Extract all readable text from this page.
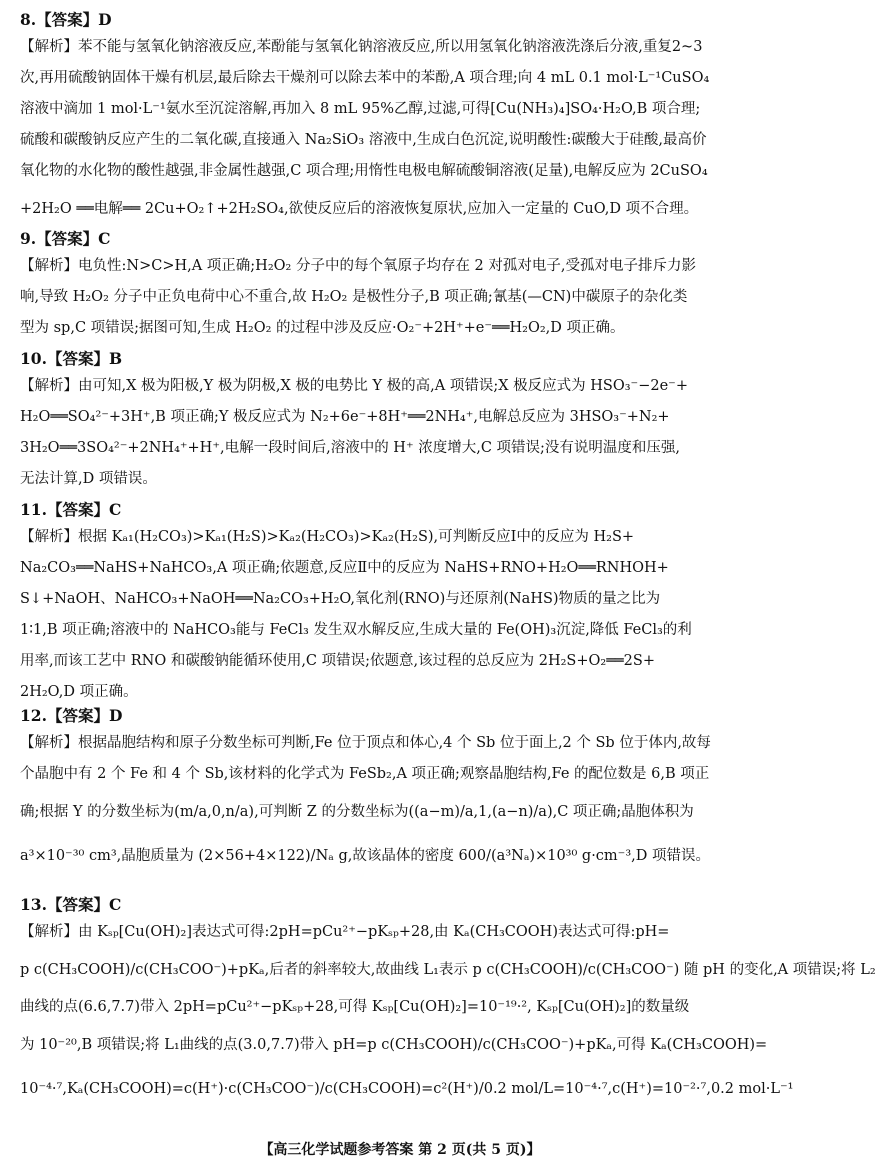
8.【答案】D
【解析】苯不能与氢氧化钠溶液反应,苯酚能与氢氧化钠溶液反应,所以用氢氧化钠溶液洗涤后分液,重复2~3
次,再用硫酸钠固体干燥有机层,最后除去干燥剂可以除去苯中的苯酚,A 项合理;向 4 mL 0.1 mol·L⁻¹CuSO₄
溶液中滴加 1 mol·L⁻¹氨水至沉淀溶解,再加入 8 mL 95%乙醇,过滤,可得[Cu(NH₃)₄]SO₄·H₂O,B 项合理;
硫酸和碳酸钠反应产生的二氧化碳,直接通入 Na₂SiO₃ 溶液中,生成白色沉淀,说明酸性:碳酸大于硅酸,最高价
氧化物的水化物的酸性越强,非金属性越强,C 项合理;用惰性电极电解硫酸铜溶液(足量),电解反应为 2CuSO₄
+2H₂O ══电解══ 2Cu+O₂↑+2H₂SO₄,欲使反应后的溶液恢复原状,应加入一定量的 CuO,D 项不合理。
9.【答案】C
【解析】电负性:N>C>H,A 项正确;H₂O₂ 分子中的每个氧原子均存在 2 对孤对电子,受孤对电子排斥力影
响,导致 H₂O₂ 分子中正负电荷中心不重合,故 H₂O₂ 是极性分子,B 项正确;氰基(—CN)中碳原子的杂化类
型为 sp,C 项错误;据图可知,生成 H₂O₂ 的过程中涉及反应·O₂⁻+2H⁺+e⁻══H₂O₂,D 项正确。
10.【答案】B
【解析】由可知,X 极为阳极,Y 极为阴极,X 极的电势比 Y 极的高,A 项错误;X 极反应式为 HSO₃⁻−2e⁻+
H₂O══SO₄²⁻+3H⁺,B 项正确;Y 极反应式为 N₂+6e⁻+8H⁺══2NH₄⁺,电解总反应为 3HSO₃⁻+N₂+
3H₂O══3SO₄²⁻+2NH₄⁺+H⁺,电解一段时间后,溶液中的 H⁺ 浓度增大,C 项错误;没有说明温度和压强,
无法计算,D 项错误。
11.【答案】C
【解析】根据 Kₐ₁(H₂CO₃)>Kₐ₁(H₂S)>Kₐ₂(H₂CO₃)>Kₐ₂(H₂S),可判断反应Ⅰ中的反应为 H₂S+
Na₂CO₃══NaHS+NaHCO₃,A 项正确;依题意,反应Ⅱ中的反应为 NaHS+RNO+H₂O══RNHOH+
S↓+NaOH、NaHCO₃+NaOH══Na₂CO₃+H₂O,氧化剂(RNO)与还原剂(NaHS)物质的量之比为
1∶1,B 项正确;溶液中的 NaHCO₃能与 FeCl₃ 发生双水解反应,生成大量的 Fe(OH)₃沉淀,降低 FeCl₃的利
用率,而该工艺中 RNO 和碳酸钠能循环使用,C 项错误;依题意,该过程的总反应为 2H₂S+O₂══2S+
2H₂O,D 项正确。
12.【答案】D
【解析】根据晶胞结构和原子分数坐标可判断,Fe 位于顶点和体心,4 个 Sb 位于面上,2 个 Sb 位于体内,故每
个晶胞中有 2 个 Fe 和 4 个 Sb,该材料的化学式为 FeSb₂,A 项正确;观察晶胞结构,Fe 的配位数是 6,B 项正
确;根据 Y 的分数坐标为(m/a,0,n/a),可判断 Z 的分数坐标为((a−m)/a,1,(a−n)/a),C 项正确;晶胞体积为
a³×10⁻³⁰ cm³,晶胞质量为 (2×56+4×122)/Nₐ g,故该晶体的密度 600/(a³Nₐ)×10³⁰ g·cm⁻³,D 项错误。
13.【答案】C
【解析】由 Kₛₚ[Cu(OH)₂]表达式可得:2pH=pCu²⁺−pKₛₚ+28,由 Kₐ(CH₃COOH)表达式可得:pH=
p c(CH₃COOH)/c(CH₃COO⁻)+pKₐ,后者的斜率较大,故曲线 L₁表示 p c(CH₃COOH)/c(CH₃COO⁻) 随 pH 的变化,A 项错误;将 L₂
曲线的点(6.6,7.7)带入 2pH=pCu²⁺−pKₛₚ+28,可得 Kₛₚ[Cu(OH)₂]=10⁻¹⁹·², Kₛₚ[Cu(OH)₂]的数量级
为 10⁻²⁰,B 项错误;将 L₁曲线的点(3.0,7.7)带入 pH=p c(CH₃COOH)/c(CH₃COO⁻)+pKₐ,可得 Kₐ(CH₃COOH)=
10⁻⁴·⁷,Kₐ(CH₃COOH)=c(H⁺)·c(CH₃COO⁻)/c(CH₃COOH)=c²(H⁺)/0.2 mol/L=10⁻⁴·⁷,c(H⁺)=10⁻²·⁷,0.2 mol·L⁻¹
【高三化学试题参考答案 第 2 页(共 5 页)】
